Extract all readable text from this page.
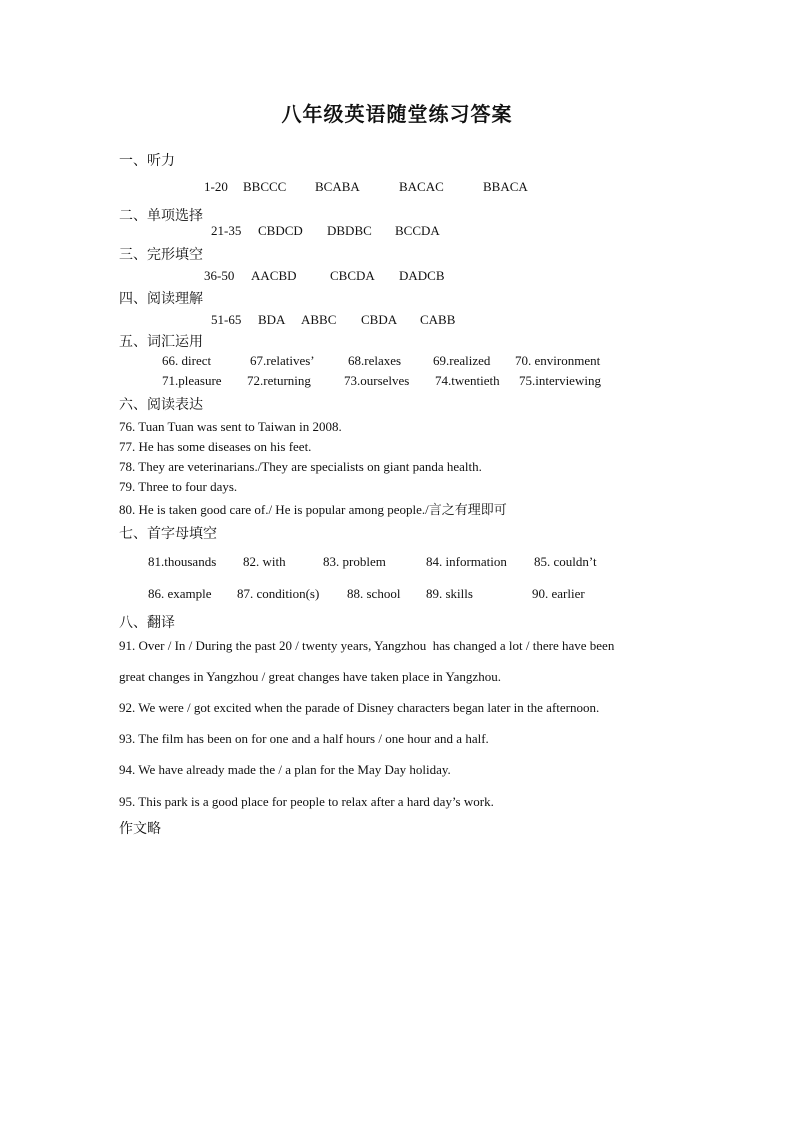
八年级英语随堂练习答案
一、听力
1-20 BBCCC BCABA	BACAC	BBACA
二、单项选择
21-35 CBDCD DBDBC BCCDA
三、完形填空
36-50 AACBD	CBCDA DADCB
四、阅读理解
51-65 BDA ABBC CBDA CABB
五、词汇运用
66. direct	67.relatives’	68.relaxes 69.realized 70. environment
71.pleasure 72.returning	73.ourselves 74.twentieth 75.interviewing
六、阅读表达
76. Tuan Tuan was sent to Taiwan in 2008.
77. He has some diseases on his feet.
78. They are veterinarians./They are specialists on giant panda health.
79. Three to four days.
80. He is taken good care of./ He is popular among people./言之有理即可
七、首字母填空
81.thousands 82. with	83. problem	84. information 85. couldn’t
86. example 87. condition(s) 88. school 89. skills	90. earlier
八、翻译
91. Over / In / During the past 20 / twenty years, Yangzhou  has changed a lot / there have been
great changes in Yangzhou / great changes have taken place in Yangzhou.
92. We were / got excited when the parade of Disney characters began later in the afternoon.
93. The film has been on for one and a half hours / one hour and a half.
94. We have already made the / a plan for the May Day holiday.
95. This park is a good place for people to relax after a hard day’s work.
作文略
